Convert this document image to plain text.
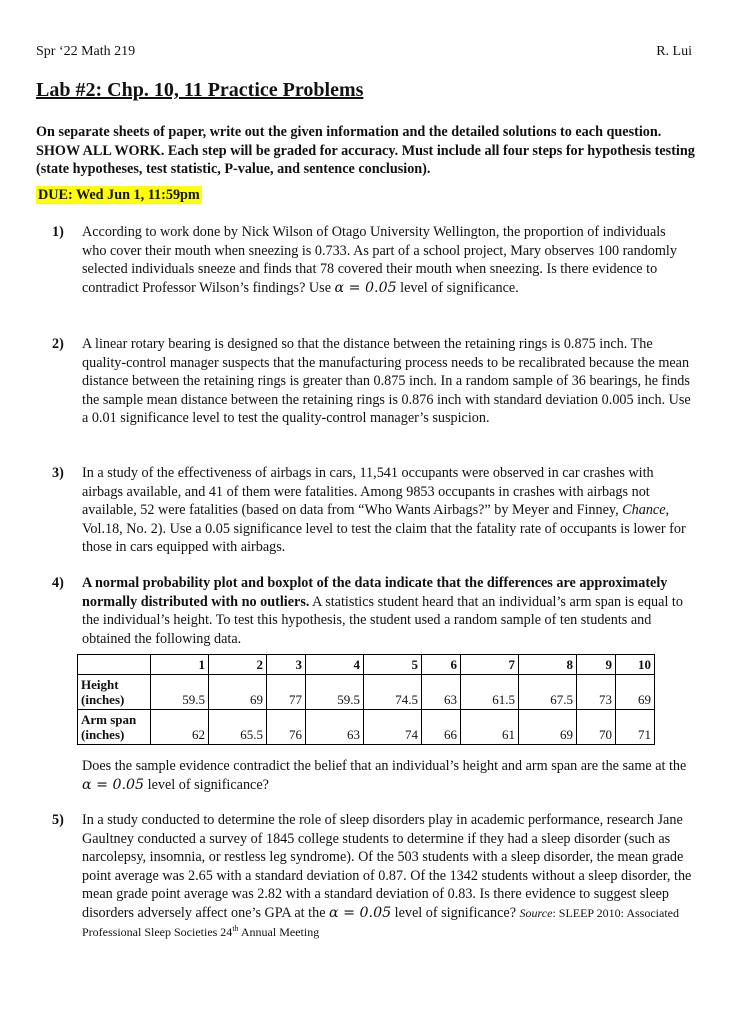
Spr ‘22 Math 219	R. Lui
Lab #2: Chp. 10, 11 Practice Problems
On separate sheets of paper, write out the given information and the detailed solutions to each question. SHOW ALL WORK. Each step will be graded for accuracy. Must include all four steps for hypothesis testing (state hypotheses, test statistic, P-value, and sentence conclusion).
DUE: Wed Jun 1, 11:59pm
1) According to work done by Nick Wilson of Otago University Wellington, the proportion of individuals who cover their mouth when sneezing is 0.733. As part of a school project, Mary observes 100 randomly selected individuals sneeze and finds that 78 covered their mouth when sneezing. Is there evidence to contradict Professor Wilson’s findings? Use α = 0.05 level of significance.
2) A linear rotary bearing is designed so that the distance between the retaining rings is 0.875 inch. The quality-control manager suspects that the manufacturing process needs to be recalibrated because the mean distance between the retaining rings is greater than 0.875 inch. In a random sample of 36 bearings, he finds the sample mean distance between the retaining rings is 0.876 inch with standard deviation 0.005 inch. Use a 0.01 significance level to test the quality-control manager’s suspicion.
3) In a study of the effectiveness of airbags in cars, 11,541 occupants were observed in car crashes with airbags available, and 41 of them were fatalities. Among 9853 occupants in crashes with airbags not available, 52 were fatalities (based on data from “Who Wants Airbags?” by Meyer and Finney, Chance, Vol.18, No. 2). Use a 0.05 significance level to test the claim that the fatality rate of occupants is lower for those in cars equipped with airbags.
4) A normal probability plot and boxplot of the data indicate that the differences are approximately normally distributed with no outliers. A statistics student heard that an individual’s arm span is equal to the individual’s height. To test this hypothesis, the student used a random sample of ten students and obtained the following data.
	1	2	3	4	5	6	7	8	9	10
Height (inches)	59.5	69	77	59.5	74.5	63	61.5	67.5	73	69
Arm span (inches)	62	65.5	76	63	74	66	61	69	70	71
Does the sample evidence contradict the belief that an individual’s height and arm span are the same at the α = 0.05 level of significance?
5) In a study conducted to determine the role of sleep disorders play in academic performance, research Jane Gaultney conducted a survey of 1845 college students to determine if they had a sleep disorder (such as narcolepsy, insomnia, or restless leg syndrome). Of the 503 students with a sleep disorder, the mean grade point average was 2.65 with a standard deviation of 0.87. Of the 1342 students without a sleep disorder, the mean grade point average was 2.82 with a standard deviation of 0.83. Is there evidence to suggest sleep disorders adversely affect one’s GPA at the α = 0.05 level of significance? Source: SLEEP 2010: Associated Professional Sleep Societies 24th Annual Meeting
